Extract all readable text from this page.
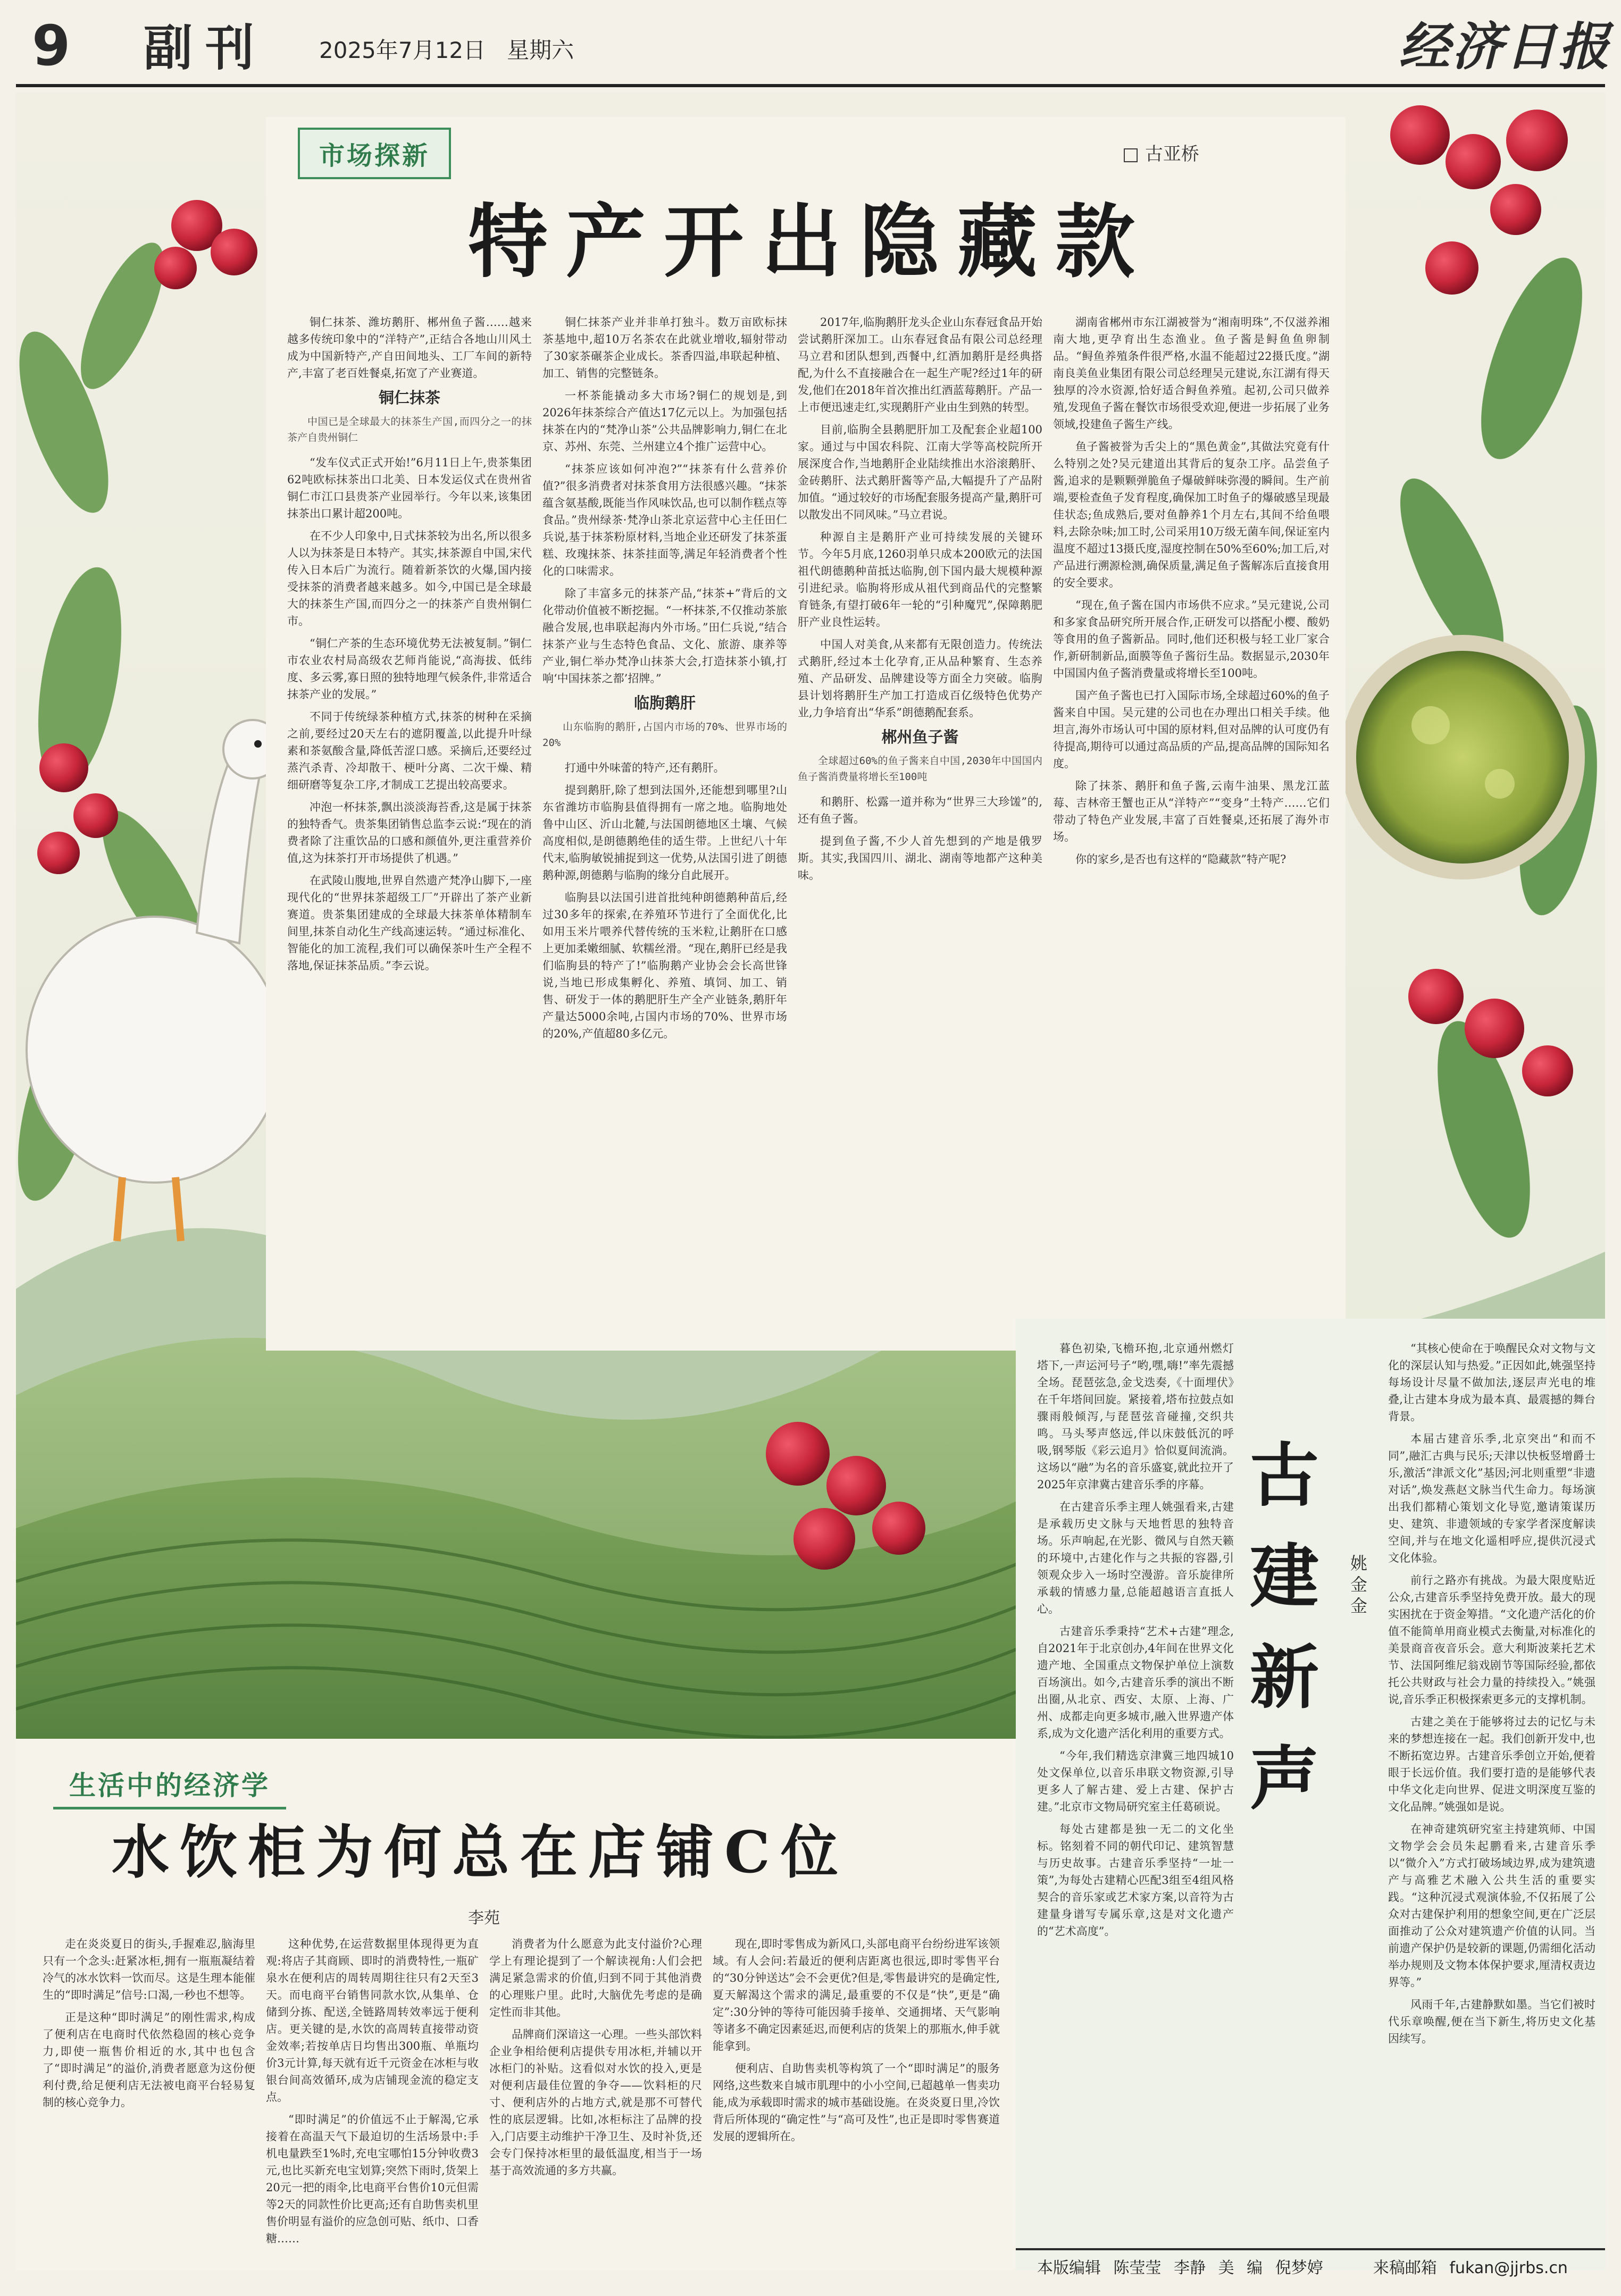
9 副刊 2025年7月12日 星期六	经济日报
市场探新	□ 古亚桥
特产开出隐藏款

铜仁抹茶、潍坊鹅肝、郴州鱼子酱……越来越多传统印象中的“洋特产”,正结合各地山川风土成为中国新特产,产自田间地头、工厂车间的新特产,丰富了老百姓餐桌,拓宽了产业赛道。

铜仁抹茶
中国已是全球最大的抹茶生产国,而四分之一的抹茶产自贵州铜仁

“发车仪式正式开始!”6月11日上午,贵茶集团62吨欧标抹茶出口北美、日本发运仪式在贵州省铜仁市江口县贵茶产业园举行。今年以来,该集团抹茶出口累计超200吨。

在不少人印象中,日式抹茶较为出名,所以很多人以为抹茶是日本特产。其实,抹茶源自中国,宋代传入日本后广为流行。随着新茶饮的火爆,国内接受抹茶的消费者越来越多。如今,中国已是全球最大的抹茶生产国,而四分之一的抹茶产自贵州铜仁市。

“铜仁产茶的生态环境优势无法被复制。”铜仁市农业农村局高级农艺师肖能说,“高海拔、低纬度、多云雾,寡日照的独特地理气候条件,非常适合抹茶产业的发展。”

不同于传统绿茶种植方式,抹茶的树种在采摘之前,要经过20天左右的遮阴覆盖,以此提升叶绿素和茶氨酸含量,降低苦涩口感。采摘后,还要经过蒸汽杀青、冷却散干、梗叶分离、二次干燥、精细研磨等复杂工序,才制成工艺提出较高要求。

冲泡一杯抹茶,飘出淡淡海苔香,这是属于抹茶的独特香气。贵茶集团销售总监李云说:“现在的消费者除了注重饮品的口感和颜值外,更注重营养价值,这为抹茶打开市场提供了机遇。”

在武陵山腹地,世界自然遗产梵净山脚下,一座现代化的“世界抹茶超级工厂”开辟出了茶产业新赛道。贵茶集团建成的全球最大抹茶单体精制车间里,抹茶自动化生产线高速运转。“通过标准化、智能化的加工流程,我们可以确保茶叶生产全程不落地,保证抹茶品质。”李云说。

铜仁抹茶产业并非单打独斗。数万亩欧标抹茶基地中,超10万名茶农在此就业增收,辐射带动了30家茶碾茶企业成长。茶香四溢,串联起种植、加工、销售的完整链条。

一杯茶能撬动多大市场?铜仁的规划是,到2026年抹茶综合产值达17亿元以上。为加强包括抹茶在内的“梵净山茶”公共品牌影响力,铜仁在北京、苏州、东莞、兰州建立4个推广运营中心。

“抹茶应该如何冲泡?”“抹茶有什么营养价值?”很多消费者对抹茶食用方法很感兴趣。“抹茶蕴含氨基酸,既能当作风味饮品,也可以制作糕点等食品。”贵州绿茶·梵净山茶北京运营中心主任田仁兵说,基于抹茶粉原材料,当地企业还研发了抹茶蛋糕、玫瑰抹茶、抹茶挂面等,满足年轻消费者个性化的口味需求。

除了丰富多元的抹茶产品,“抹茶+”背后的文化带动价值被不断挖掘。“一杯抹茶,不仅推动茶旅融合发展,也串联起海内外市场。”田仁兵说,“结合抹茶产业与生态特色食品、文化、旅游、康养等产业,铜仁举办梵净山抹茶大会,打造抹茶小镇,打响‘中国抹茶之都’招牌。”

临朐鹅肝
山东临朐的鹅肝,占国内市场的70%、世界市场的20%

打通中外味蕾的特产,还有鹅肝。

提到鹅肝,除了想到法国外,还能想到哪里?山东省潍坊市临朐县值得拥有一席之地。临朐地处鲁中山区、沂山北麓,与法国朗德地区土壤、气候高度相似,是朗德鹅绝佳的适生带。上世纪八十年代末,临朐敏锐捕捉到这一优势,从法国引进了朗德鹅种源,朗德鹅与临朐的缘分自此展开。

临朐县以法国引进首批纯种朗德鹅种苗后,经过30多年的探索,在养殖环节进行了全面优化,比如用玉米片喂养代替传统的玉米粒,让鹅肝在口感上更加柔嫩细腻、软糯丝滑。“现在,鹅肝已经是我们临朐县的特产了!”临朐鹅产业协会会长高世锋说,当地已形成集孵化、养殖、填饲、加工、销售、研发于一体的鹅肥肝生产全产业链条,鹅肝年产量达5000余吨,占国内市场的70%、世界市场的20%,产值超80多亿元。

2017年,临朐鹅肝龙头企业山东春冠食品开始尝试鹅肝深加工。山东春冠食品有限公司总经理马立君和团队想到,西餐中,红酒加鹅肝是经典搭配,为什么不直接融合在一起生产呢?经过1年的研发,他们在2018年首次推出红酒蓝莓鹅肝。产品一上市便迅速走红,实现鹅肝产业由生到熟的转型。

目前,临朐全县鹅肥肝加工及配套企业超100家。通过与中国农科院、江南大学等高校院所开展深度合作,当地鹅肝企业陆续推出水浴滚鹅肝、金砖鹅肝、法式鹅肝酱等产品,大幅提升了产品附加值。“通过较好的市场配套服务提高产量,鹅肝可以散发出不同风味。”马立君说。

种源自主是鹅肝产业可持续发展的关键环节。今年5月底,1260羽单只成本200欧元的法国祖代朗德鹅种苗抵达临朐,创下国内最大规模种源引进纪录。临朐将形成从祖代到商品代的完整繁育链条,有望打破6年一轮的“引种魔咒”,保障鹅肥肝产业良性运转。

中国人对美食,从来都有无限创造力。传统法式鹅肝,经过本土化孕育,正从品种繁育、生态养殖、产品研发、品牌建设等方面全力突破。临朐县计划将鹅肝生产加工打造成百亿级特色优势产业,力争培育出“华系”朗德鹅配套系。

郴州鱼子酱
全球超过60%的鱼子酱来自中国,2030年中国国内鱼子酱消费量将增长至100吨

和鹅肝、松露一道并称为“世界三大珍馐”的,还有鱼子酱。

提到鱼子酱,不少人首先想到的产地是俄罗斯。其实,我国四川、湖北、湖南等地都产这种美味。

湖南省郴州市东江湖被誉为“湘南明珠”,不仅滋养湘南大地,更孕育出生态渔业。鱼子酱是鲟鱼鱼卵制品。“鲟鱼养殖条件很严格,水温不能超过22摄氏度。”湖南良美鱼业集团有限公司总经理吴元建说,东江湖有得天独厚的冷水资源,恰好适合鲟鱼养殖。起初,公司只做养殖,发现鱼子酱在餐饮市场很受欢迎,便进一步拓展了业务领域,投建鱼子酱生产线。

鱼子酱被誉为舌尖上的“黑色黄金”,其做法究竟有什么特别之处?吴元建道出其背后的复杂工序。品尝鱼子酱,追求的是颗颗弹脆鱼子爆破鲜味弥漫的瞬间。生产前端,要检查鱼子发育程度,确保加工时鱼子的爆破感呈现最佳状态;鱼成熟后,要对鱼静养1个月左右,其间不给鱼喂料,去除杂味;加工时,公司采用10万级无菌车间,保证室内温度不超过13摄氏度,湿度控制在50%至60%;加工后,对产品进行溯源检测,确保质量,满足鱼子酱解冻后直接食用的安全要求。

“现在,鱼子酱在国内市场供不应求。”吴元建说,公司和多家食品研究所开展合作,正研发可以搭配小樱、酸奶等食用的鱼子酱新品。同时,他们还积极与轻工业厂家合作,新研制新品,面膜等鱼子酱衍生品。数据显示,2030年中国国内鱼子酱消费量或将增长至100吨。

国产鱼子酱也已打入国际市场,全球超过60%的鱼子酱来自中国。吴元建的公司也在办理出口相关手续。他坦言,海外市场认可中国的原材料,但对品牌的认可度仍有待提高,期待可以通过高品质的产品,提高品牌的国际知名度。

除了抹茶、鹅肝和鱼子酱,云南牛油果、黑龙江蓝莓、吉林帝王蟹也正从“洋特产”“变身”土特产……它们带动了特色产业发展,丰富了百姓餐桌,还拓展了海外市场。

你的家乡,是否也有这样的“隐藏款”特产呢?

生活中的经济学
水饮柜为何总在店铺C位
李苑

走在炎炎夏日的街头,手握难忍,脑海里只有一个念头:赶紧冰柜,拥有一瓶瓶凝结着冷气的冰水饮料一饮而尽。这是生理本能催生的“即时满足”信号:口渴,一秒也不想等。

正是这种“即时满足”的刚性需求,构成了便利店在电商时代依然稳固的核心竞争力,即使一瓶售价相近的水,其中也包含了“即时满足”的溢价,消费者愿意为这份便利付费,给足便利店无法被电商平台轻易复制的核心竞争力。

这种优势,在运营数据里体现得更为直观:将店子其商顾、即时的消费特性,一瓶矿泉水在便利店的周转周期往往只有2天至3天。而电商平台销售同款水饮,从集单、仓储到分拣、配送,全链路周转效率远于便利店。更关键的是,水饮的高周转直接带动资金效率;若按单店日均售出300瓶、单瓶均价3元计算,每天就有近千元资金在冰柜与收银台间高效循环,成为店铺现金流的稳定支点。

“即时满足”的价值远不止于解渴,它承接着在高温天气下最迫切的生活场景中:手机电量跌至1%时,充电宝哪怕15分钟收费3元,也比买新充电宝划算;突然下雨时,货架上20元一把的雨伞,比电商平台售价10元但需等2天的同款性价比更高;还有自助售卖机里售价明显有溢价的应急创可贴、纸巾、口香糖……

消费者为什么愿意为此支付溢价?心理学上有理论提到了一个解读视角:人们会把满足紧急需求的价值,归到不同于其他消费的心理账户里。此时,大脑优先考虑的是确定性而非其他。

品牌商们深谙这一心理。一些头部饮料企业争相给便利店提供专用冰柜,并辅以开冰柜门的补贴。这看似对水饮的投入,更是对便利店最佳位置的争夺——饮料柜的尺寸、便利店外的占地方式,就是那不可替代性的底层逻辑。比如,冰柜标注了品牌的投入,门店要主动维护干净卫生、及时补货,还会专门保持冰柜里的最低温度,相当于一场基于高效流通的多方共赢。

现在,即时零售成为新风口,头部电商平台纷纷进军该领域。有人会问:若最近的便利店距离也很远,即时零售平台的“30分钟送达”会不会更优?但是,零售最讲究的是确定性,夏天解渴这个需求的满足,最重要的不仅是“快”,更是“确定”:30分钟的等待可能因骑手接单、交通拥堵、天气影响等诸多不确定因素延迟,而便利店的货架上的那瓶水,伸手就能拿到。

便利店、自助售卖机等构筑了一个“即时满足”的服务网络,这些数来自城市肌理中的小小空间,已超越单一售卖功能,成为承载即时需求的城市基础设施。在炎炎夏日里,冷饮背后所体现的“确定性”与“高可及性”,也正是即时零售赛道发展的逻辑所在。

古建新声
姚金金

暮色初染,飞檐环抱,北京通州燃灯塔下,一声运河号子“哟,嘿,嗨!”率先震撼全场。琵琶弦急,金戈迭奏,《十面埋伏》在千年塔间回旋。紧接着,塔布拉鼓点如骤雨般倾泻,与琵琶弦音碰撞,交织共鸣。马头琴声悠远,伴以床鼓低沉的呼吸,钢琴版《彩云追月》恰似夏间流淌。这场以“融”为名的音乐盛宴,就此拉开了2025年京津冀古建音乐季的序幕。

在古建音乐季主理人姚强看来,古建是承载历史文脉与天地哲思的独特音场。乐声响起,在光影、微风与自然天籁的环境中,古建化作与之共振的容器,引领观众步入一场时空漫游。音乐旋律所承载的情感力量,总能超越语言直抵人心。

古建音乐季秉持“艺术+古建”理念,自2021年于北京创办,4年间在世界文化遗产地、全国重点文物保护单位上演数百场演出。如今,古建音乐季的演出不断出圈,从北京、西安、太原、上海、广州、成都走向更多城市,融入世界遗产体系,成为文化遗产活化利用的重要方式。

“今年,我们精选京津冀三地四城10处文保单位,以音乐串联文物资源,引导更多人了解古建、爱上古建、保护古建。”北京市文物局研究室主任葛硕说。

每处古建都是独一无二的文化坐标。铭刻着不同的朝代印记、建筑智慧与历史故事。古建音乐季坚持“一址一策”,为每处古建精心匹配3组至4组风格契合的音乐家或艺术家方案,以音符为古建量身谱写专属乐章,这是对文化遗产的“艺术高度”。

“其核心使命在于唤醒民众对文物与文化的深层认知与热爱。”正因如此,姚强坚持每场设计尽量不做加法,逐层声光电的堆叠,让古建本身成为最本真、最震撼的舞台背景。

本届古建音乐季,北京突出“和而不同”,融汇古典与民乐;天津以快板竖增爵士乐,激活“津派文化”基因;河北则重塑“非遗对话”,焕发燕赵文脉当代生命力。每场演出我们都精心策划文化导览,邀请策谋历史、建筑、非遗领域的专家学者深度解读空间,并与在地文化遥相呼应,提供沉浸式文化体验。

前行之路亦有挑战。为最大限度贴近公众,古建音乐季坚持免费开放。最大的现实困扰在于资金筹措。“文化遗产活化的价值不能简单用商业模式去衡量,对标准化的美景商音夜音乐会。意大利斯波莱托艺术节、法国阿维尼翁戏剧节等国际经验,都依托公共财政与社会力量的持续投入。”姚强说,音乐季正积极探索更多元的支撑机制。

古建之美在于能够将过去的记忆与未来的梦想连接在一起。我们创新开发中,也不断拓宽边界。古建音乐季创立开始,便着眼于长远价值。我们要打造的是能够代表中华文化走向世界、促进文明深度互鉴的文化品牌。”姚强如是说。

在神奇建筑研究室主持建筑师、中国文物学会会员朱起鹏看来,古建音乐季以“微介入”方式打破场域边界,成为建筑遗产与高雅艺术融入公共生活的重要实践。“这种沉浸式观演体验,不仅拓展了公众对古建保护利用的想象空间,更在广泛层面推动了公众对建筑遗产价值的认同。当前遗产保护仍是较新的课题,仍需细化活动举办规则及文物本体保护要求,厘清权责边界等。”

风雨千年,古建静默如墨。当它们被时代乐章唤醒,便在当下新生,将历史文化基因续写。

本版编辑 陈莹莹 李静 美 编 倪梦婷	来稿邮箱 fukan@jjrbs.cn
